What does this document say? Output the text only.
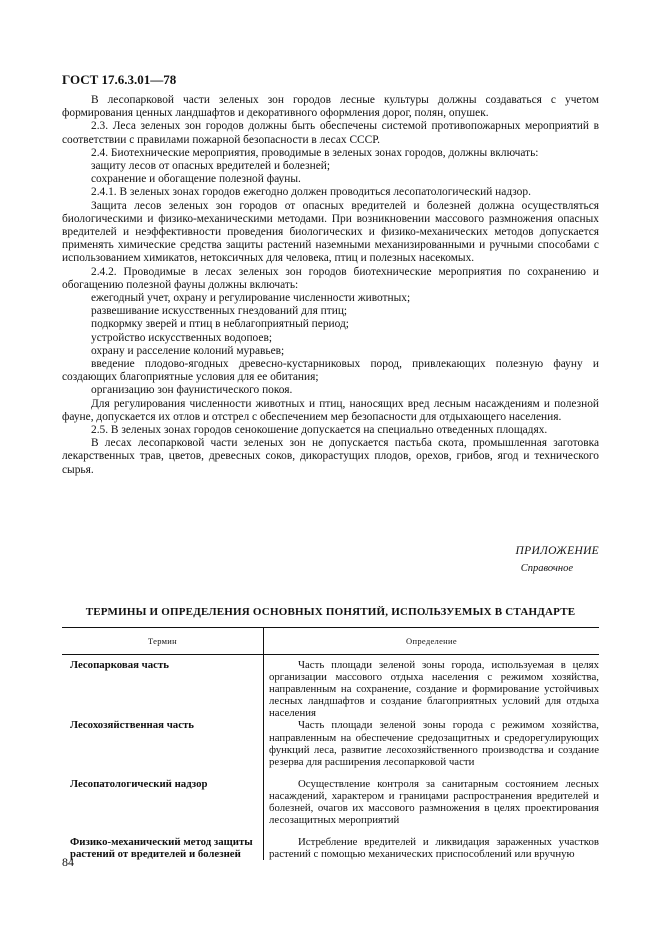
ГОСТ 17.6.3.01—78

В лесопарковой части зеленых зон городов лесные культуры должны создаваться с учетом формирования ценных ландшафтов и декоративного оформления дорог, полян, опушек.

2.3. Леса зеленых зон городов должны быть обеспечены системой противопожарных мероприятий в соответствии с правилами пожарной безопасности в лесах СССР.

2.4. Биотехнические мероприятия, проводимые в зеленых зонах городов, должны включать:

защиту лесов от опасных вредителей и болезней;

сохранение и обогащение полезной фауны.

2.4.1. В зеленых зонах городов ежегодно должен проводиться лесопатологический надзор.

Защита лесов зеленых зон городов от опасных вредителей и болезней должна осуществляться биологическими и физико-механическими методами. При возникновении массового размножения опасных вредителей и неэффективности проведения биологических и физико-механических методов допускается применять химические средства защиты растений наземными механизированными и ручными способами с использованием химикатов, нетоксичных для человека, птиц и полезных насекомых.

2.4.2. Проводимые в лесах зеленых зон городов биотехнические мероприятия по сохранению и обогащению полезной фауны должны включать:

ежегодный учет, охрану и регулирование численности животных;

развешивание искусственных гнездований для птиц;

подкормку зверей и птиц в неблагоприятный период;

устройство искусственных водопоев;

охрану и расселение колоний муравьев;

введение плодово-ягодных древесно-кустарниковых пород, привлекающих полезную фауну и создающих благоприятные условия для ее обитания;

организацию зон фаунистического покоя.

Для регулирования численности животных и птиц, наносящих вред лесным насаждениям и полезной фауне, допускается их отлов и отстрел с обеспечением мер безопасности для отдыхающего населения.

2.5. В зеленых зонах городов сенокошение допускается на специально отведенных площадях.

В лесах лесопарковой части зеленых зон не допускается пастьба скота, промышленная заготовка лекарственных трав, цветов, древесных соков, дикорастущих плодов, орехов, грибов, ягод и технического сырья.

ПРИЛОЖЕНИЕ
Справочное
ТЕРМИНЫ И ОПРЕДЕЛЕНИЯ ОСНОВНЫХ ПОНЯТИЙ, ИСПОЛЬЗУЕМЫХ В СТАНДАРТЕ
Термин	Определение
Лесопарковая часть	Часть площади зеленой зоны города, используемая в целях организации массового отдыха населения с режимом хозяйства, направленным на сохранение, создание и формирование устойчивых лесных ландшафтов и создание благоприятных условий для отдыха населения
Лесохозяйственная часть	Часть площади зеленой зоны города с режимом хозяйства, направленным на обеспечение средозащитных и средорегулирующих функций леса, развитие лесохозяйственного производства и создание резерва для расширения лесопарковой части

Лесопатологический надзор	Осуществление контроля за санитарным состоянием лесных насаждений, характером и границами распространения вредителей и болезней, очагов их массового размножения в целях проектирования лесозащитных мероприятий

Физико-механический метод защиты растений от вредителей и болезней	Истребление вредителей и ликвидация зараженных участков растений с помощью механических приспособлений или вручную
84
